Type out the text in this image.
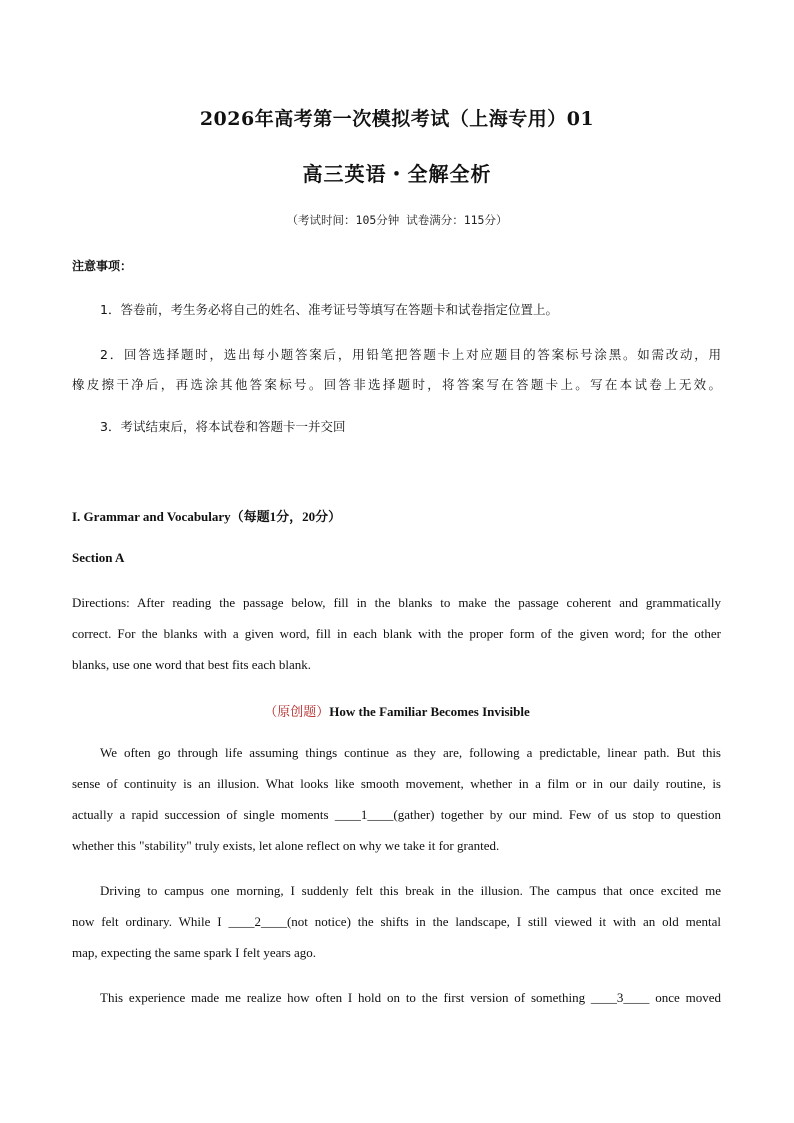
2026年高考第一次模拟考试（上海专用）01
高三英语・全解全析
（考试时间：105分钟 试卷满分：115分）
注意事项：
1．答卷前，考生务必将自己的姓名、准考证号等填写在答题卡和试卷指定位置上。
2．回答选择题时，选出每小题答案后，用铅笔把答题卡上对应题目的答案标号涂黑。如需改动，用
橡皮擦干净后，再选涂其他答案标号。回答非选择题时，将答案写在答题卡上。写在本试卷上无效。
3．考试结束后，将本试卷和答题卡一并交回
I. Grammar and Vocabulary（每题1分，20分）
Section A
Directions: After reading the passage below, fill in the blanks to make the passage coherent and grammatically
correct. For the blanks with a given word, fill in each blank with the proper form of the given word; for the other
blanks, use one word that best fits each blank.
（原创题）How the Familiar Becomes Invisible
We often go through life assuming things continue as they are, following a predictable, linear path. But this
sense of continuity is an illusion. What looks like smooth movement, whether in a film or in our daily routine, is
actually a rapid succession of single moments ____1____(gather) together by our mind. Few of us stop to question
whether this "stability" truly exists, let alone reflect on why we take it for granted.
Driving to campus one morning, I suddenly felt this break in the illusion. The campus that once excited me
now felt ordinary. While I ____2____(not notice) the shifts in the landscape, I still viewed it with an old mental
map, expecting the same spark I felt years ago.
This experience made me realize how often I hold on to the first version of something ____3____ once moved
